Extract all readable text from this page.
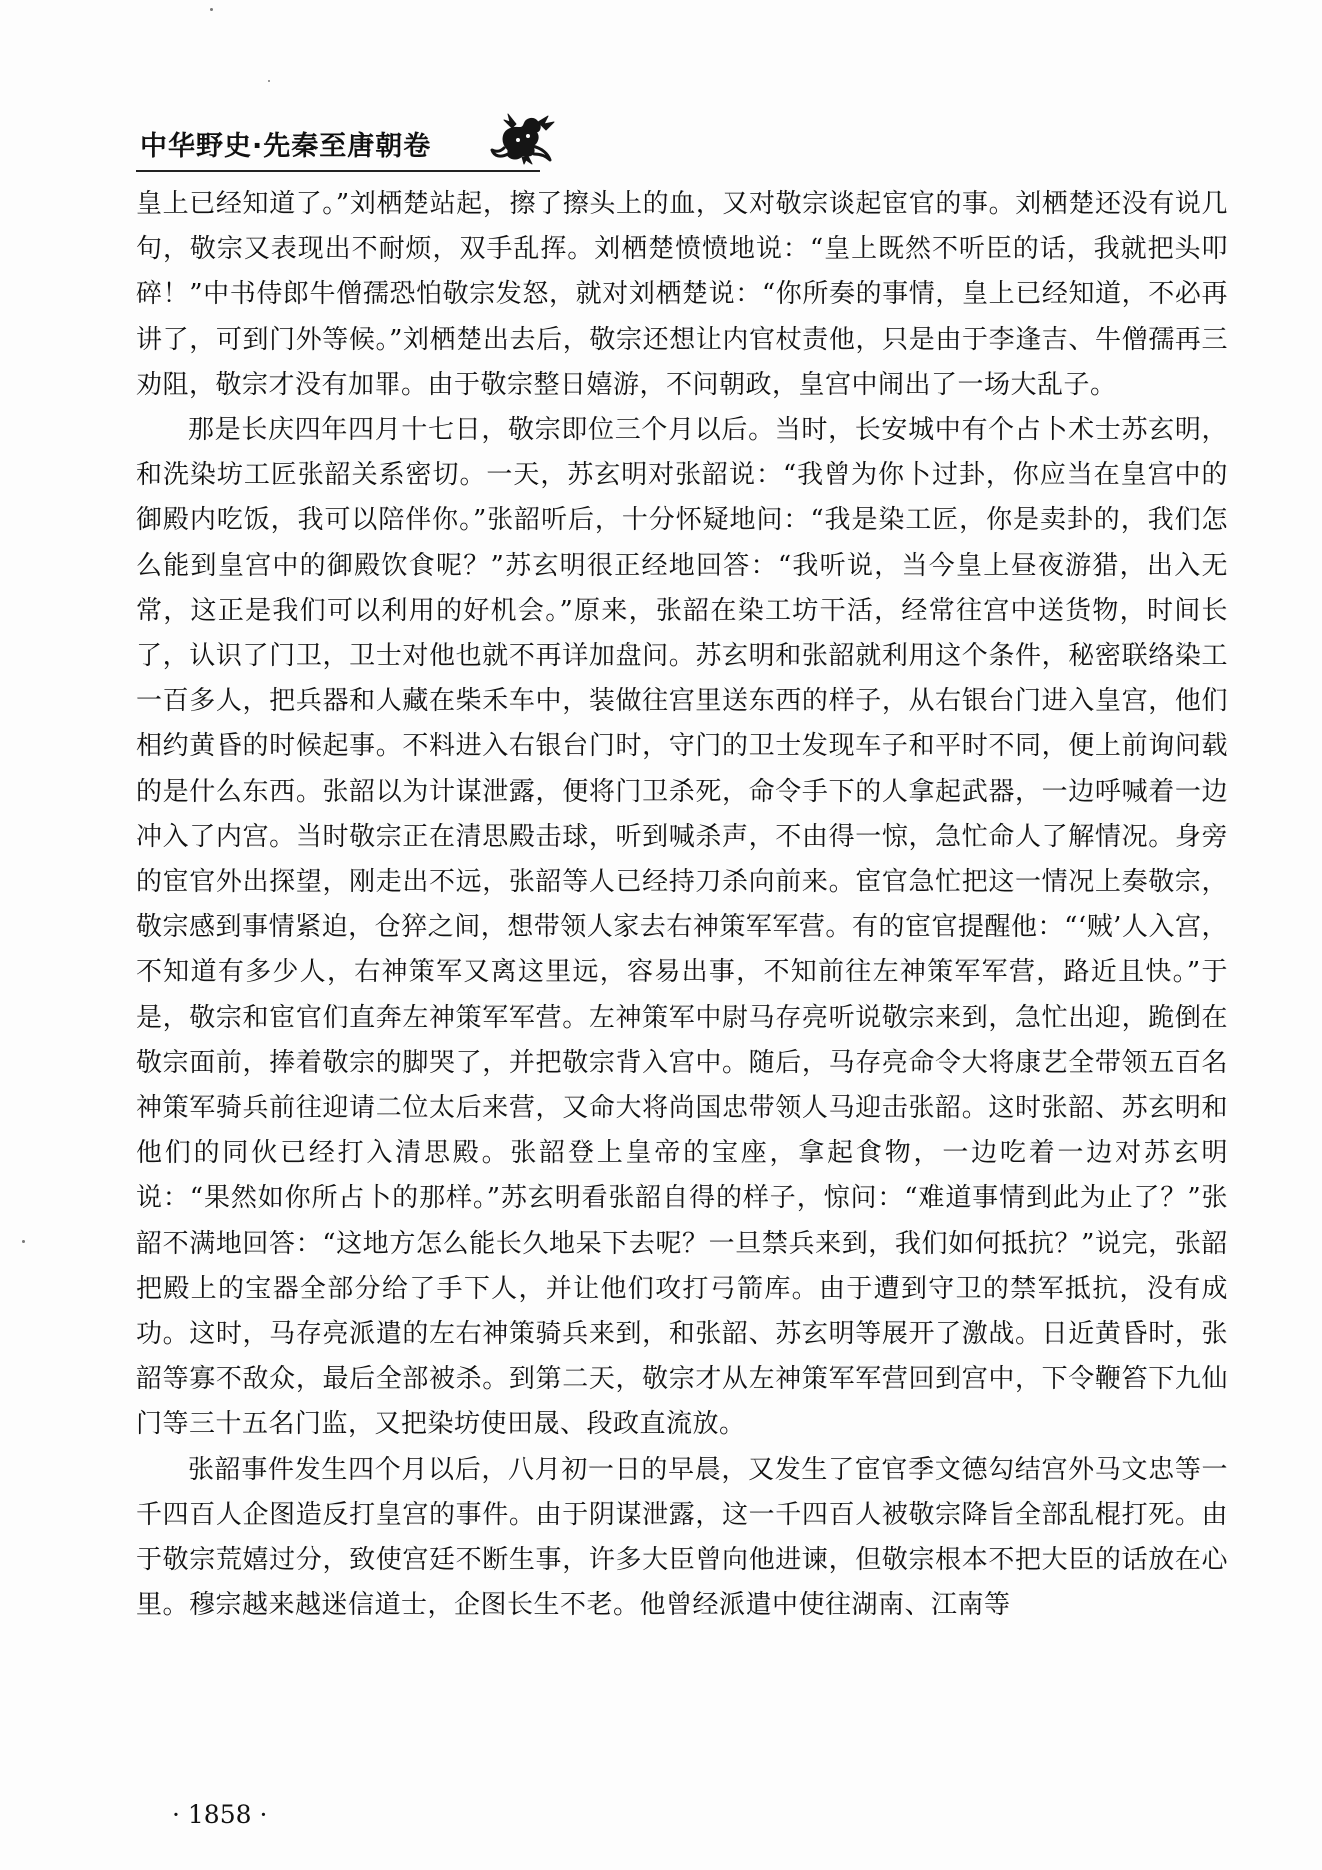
中华野史·先秦至唐朝卷

皇上已经知道了。”刘栖楚站起，擦了擦头上的血，又对敬宗谈起宦官的事。刘栖楚还没有说几句，敬宗又表现出不耐烦，双手乱挥。刘栖楚愤愤地说：“皇上既然不听臣的话，我就把头叩碎！”中书侍郎牛僧孺恐怕敬宗发怒，就对刘栖楚说：“你所奏的事情，皇上已经知道，不必再讲了，可到门外等候。”刘栖楚出去后，敬宗还想让内官杖责他，只是由于李逢吉、牛僧孺再三劝阻，敬宗才没有加罪。由于敬宗整日嬉游，不问朝政，皇宫中闹出了一场大乱子。

那是长庆四年四月十七日，敬宗即位三个月以后。当时，长安城中有个占卜术士苏玄明，和洗染坊工匠张韶关系密切。一天，苏玄明对张韶说：“我曾为你卜过卦，你应当在皇宫中的御殿内吃饭，我可以陪伴你。”张韶听后，十分怀疑地问：“我是染工匠，你是卖卦的，我们怎么能到皇宫中的御殿饮食呢？”苏玄明很正经地回答：“我听说，当今皇上昼夜游猎，出入无常，这正是我们可以利用的好机会。”原来，张韶在染工坊干活，经常往宫中送货物，时间长了，认识了门卫，卫士对他也就不再详加盘问。苏玄明和张韶就利用这个条件，秘密联络染工一百多人，把兵器和人藏在柴禾车中，装做往宫里送东西的样子，从右银台门进入皇宫，他们相约黄昏的时候起事。不料进入右银台门时，守门的卫士发现车子和平时不同，便上前询问载的是什么东西。张韶以为计谋泄露，便将门卫杀死，命令手下的人拿起武器，一边呼喊着一边冲入了内宫。当时敬宗正在清思殿击球，听到喊杀声，不由得一惊，急忙命人了解情况。身旁的宦官外出探望，刚走出不远，张韶等人已经持刀杀向前来。宦官急忙把这一情况上奏敬宗，敬宗感到事情紧迫，仓猝之间，想带领人家去右神策军军营。有的宦官提醒他：“‘贼’人入宫，不知道有多少人，右神策军又离这里远，容易出事，不知前往左神策军军营，路近且快。”于是，敬宗和宦官们直奔左神策军军营。左神策军中尉马存亮听说敬宗来到，急忙出迎，跪倒在敬宗面前，捧着敬宗的脚哭了，并把敬宗背入宫中。随后，马存亮命令大将康艺全带领五百名神策军骑兵前往迎请二位太后来营，又命大将尚国忠带领人马迎击张韶。这时张韶、苏玄明和他们的同伙已经打入清思殿。张韶登上皇帝的宝座，拿起食物，一边吃着一边对苏玄明说：“果然如你所占卜的那样。”苏玄明看张韶自得的样子，惊问：“难道事情到此为止了？”张韶不满地回答：“这地方怎么能长久地呆下去呢？一旦禁兵来到，我们如何抵抗？”说完，张韶把殿上的宝器全部分给了手下人，并让他们攻打弓箭库。由于遭到守卫的禁军抵抗，没有成功。这时，马存亮派遣的左右神策骑兵来到，和张韶、苏玄明等展开了激战。日近黄昏时，张韶等寡不敌众，最后全部被杀。到第二天，敬宗才从左神策军军营回到宫中，下令鞭笞下九仙门等三十五名门监，又把染坊使田晟、段政直流放。

张韶事件发生四个月以后，八月初一日的早晨，又发生了宦官季文德勾结宫外马文忠等一千四百人企图造反打皇宫的事件。由于阴谋泄露，这一千四百人被敬宗降旨全部乱棍打死。由于敬宗荒嬉过分，致使宫廷不断生事，许多大臣曾向他进谏，但敬宗根本不把大臣的话放在心里。穆宗越来越迷信道士，企图长生不老。他曾经派遣中使往湖南、江南等

· 1858 ·
